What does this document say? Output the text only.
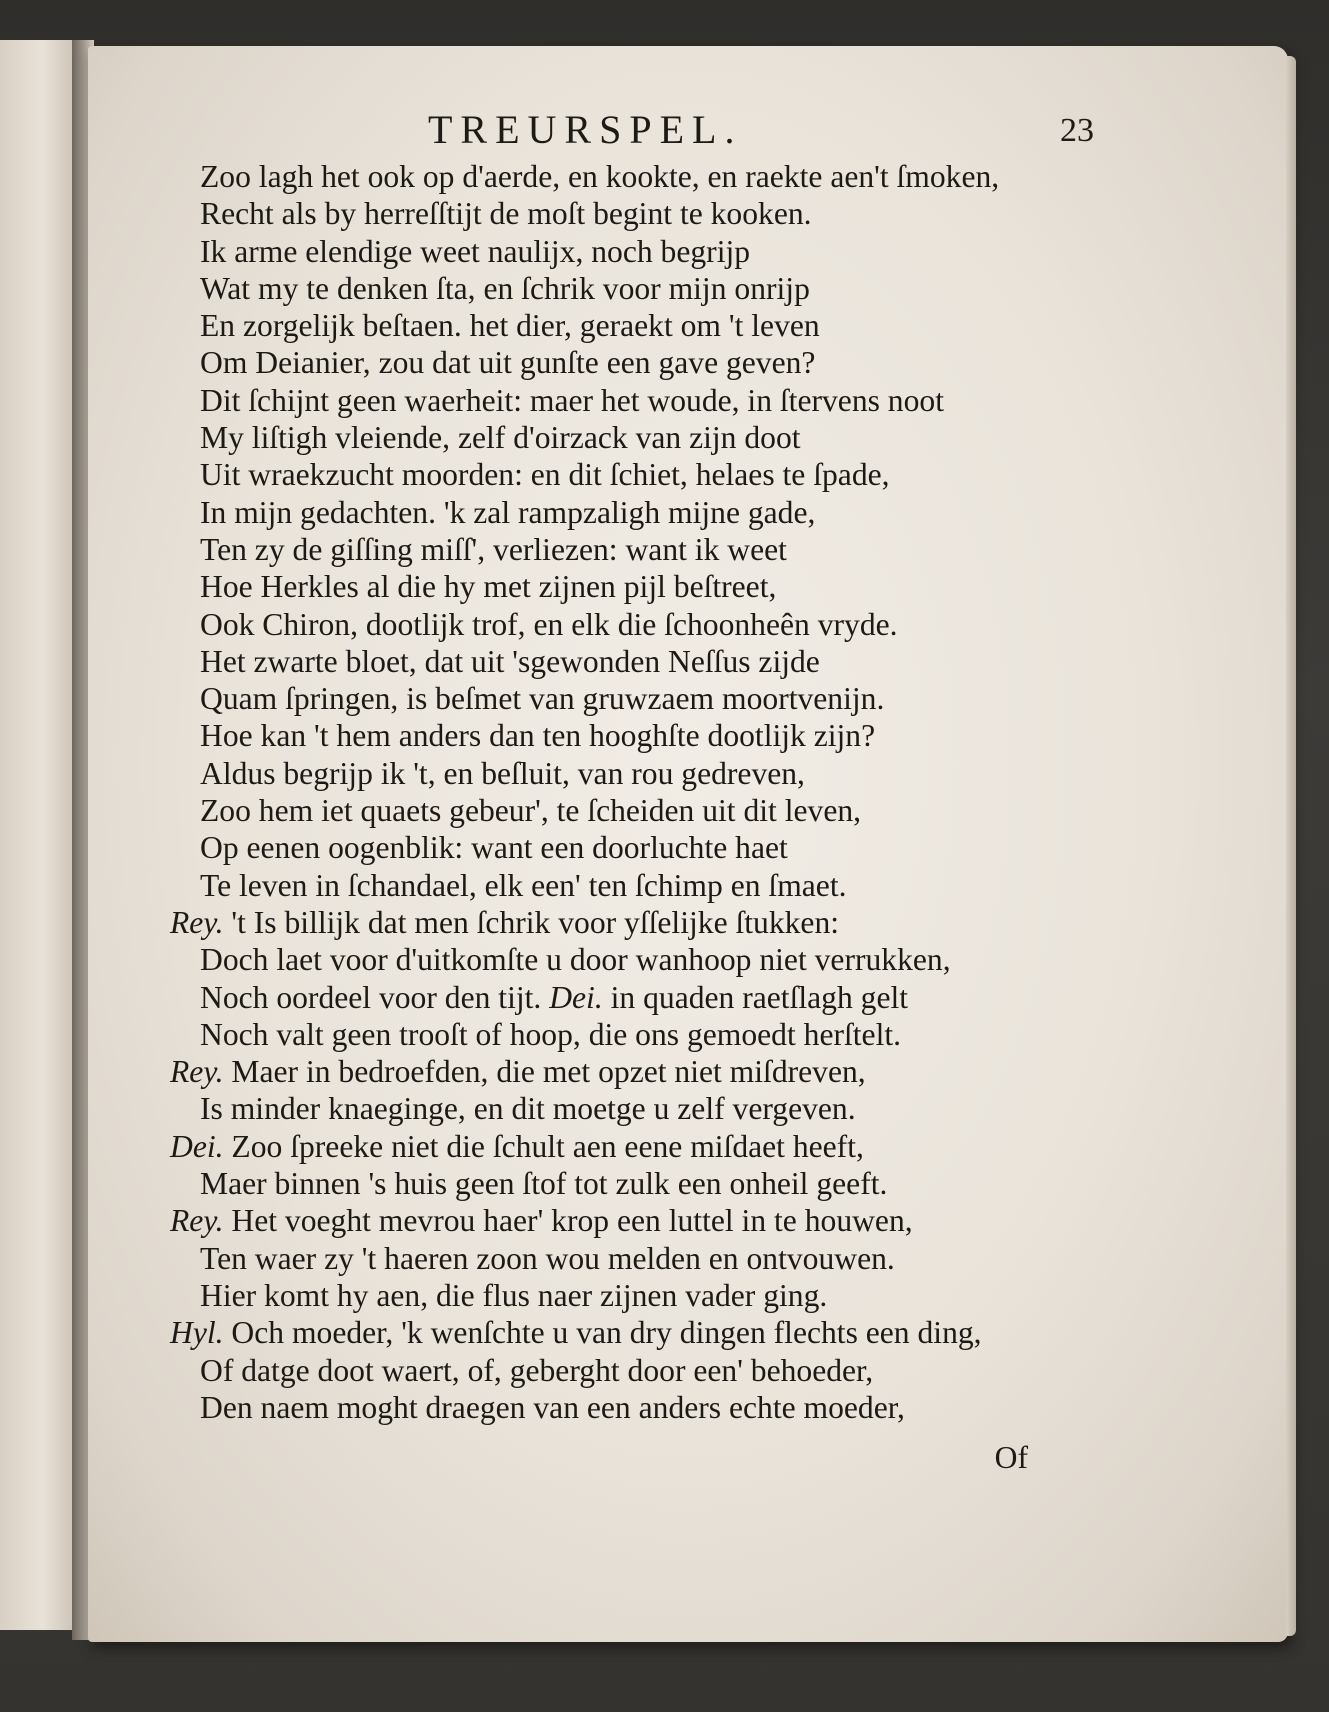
TREURSPEL.	23
Zoo lagh het ook op d'aerde, en kookte, en raekte aen't ſmoken,
Recht als by herreſſtijt de moſt begint te kooken.
Ik arme elendige weet naulijx, noch begrijp
Wat my te denken ſta, en ſchrik voor mijn onrijp
En zorgelijk beſtaen. het dier, geraekt om 't leven
Om Deianier, zou dat uit gunſte een gave geven?
Dit ſchijnt geen waerheit: maer het woude, in ſtervens noot
My liſtigh vleiende, zelf d'oirzack van zijn doot
Uit wraekzucht moorden: en dit ſchiet, helaes te ſpade,
In mijn gedachten. 'k zal rampzaligh mijne gade,
Ten zy de giſſing miſſ', verliezen: want ik weet
Hoe Herkles al die hy met zijnen pijl beſtreet,
Ook Chiron, dootlijk trof, en elk die ſchoonheên vryde.
Het zwarte bloet, dat uit 'sgewonden Neſſus zijde
Quam ſpringen, is beſmet van gruwzaem moortvenijn.
Hoe kan 't hem anders dan ten hooghſte dootlijk zijn?
Aldus begrijp ik 't, en beſluit, van rou gedreven,
Zoo hem iet quaets gebeur', te ſcheiden uit dit leven,
Op eenen oogenblik: want een doorluchte haet
Te leven in ſchandael, elk een' ten ſchimp en ſmaet.
Rey. 't Is billijk dat men ſchrik voor yſſelijke ſtukken:
Doch laet voor d'uitkomſte u door wanhoop niet verrukken,
Noch oordeel voor den tijt. Dei. in quaden raetſlagh gelt
Noch valt geen trooſt of hoop, die ons gemoedt herſtelt.
Rey. Maer in bedroefden, die met opzet niet miſdreven,
Is minder knaeginge, en dit moetge u zelf vergeven.
Dei. Zoo ſpreeke niet die ſchult aen eene miſdaet heeft,
Maer binnen 's huis geen ſtof tot zulk een onheil geeft.
Rey. Het voeght mevrou haer' krop een luttel in te houwen,
Ten waer zy 't haeren zoon wou melden en ontvouwen.
Hier komt hy aen, die flus naer zijnen vader ging.
Hyl. Och moeder, 'k wenſchte u van dry dingen flechts een ding,
Of datge doot waert, of, geberght door een' behoeder,
Den naem moght draegen van een anders echte moeder,
Of
